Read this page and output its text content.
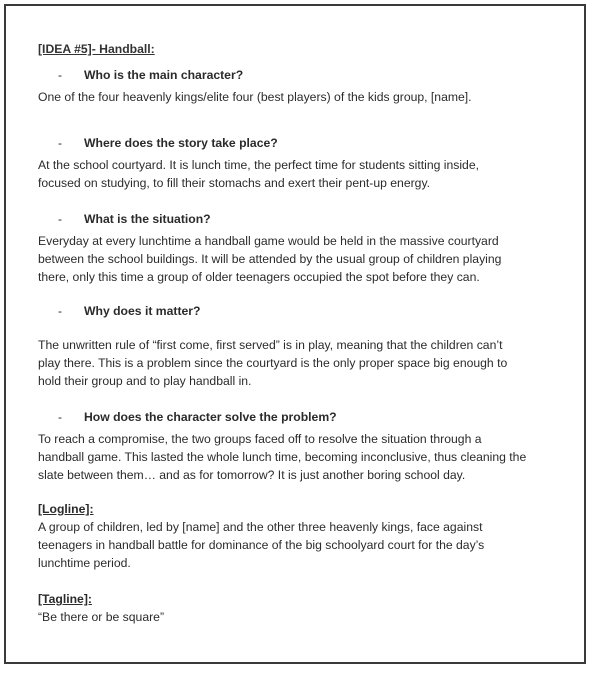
[IDEA #5]- Handball:

-	Who is the main character?

One of the four heavenly kings/elite four (best players) of the kids group, [name].

-	Where does the story take place?

At the school courtyard. It is lunch time, the perfect time for students sitting inside,

focused on studying, to fill their stomachs and exert their pent-up energy.

-	What is the situation?

Everyday at every lunchtime a handball game would be held in the massive courtyard

between the school buildings. It will be attended by the usual group of children playing

there, only this time a group of older teenagers occupied the spot before they can.

-	Why does it matter?

The unwritten rule of “first come, first served” is in play, meaning that the children can’t

play there. This is a problem since the courtyard is the only proper space big enough to

hold their group and to play handball in.

-	How does the character solve the problem?

To reach a compromise, the two groups faced off to resolve the situation through a

handball game. This lasted the whole lunch time, becoming inconclusive, thus cleaning the

slate between them… and as for tomorrow? It is just another boring school day.

[Logline]:

A group of children, led by [name] and the other three heavenly kings, face against

teenagers in handball battle for dominance of the big schoolyard court for the day’s

lunchtime period.

[Tagline]:

“Be there or be square”
